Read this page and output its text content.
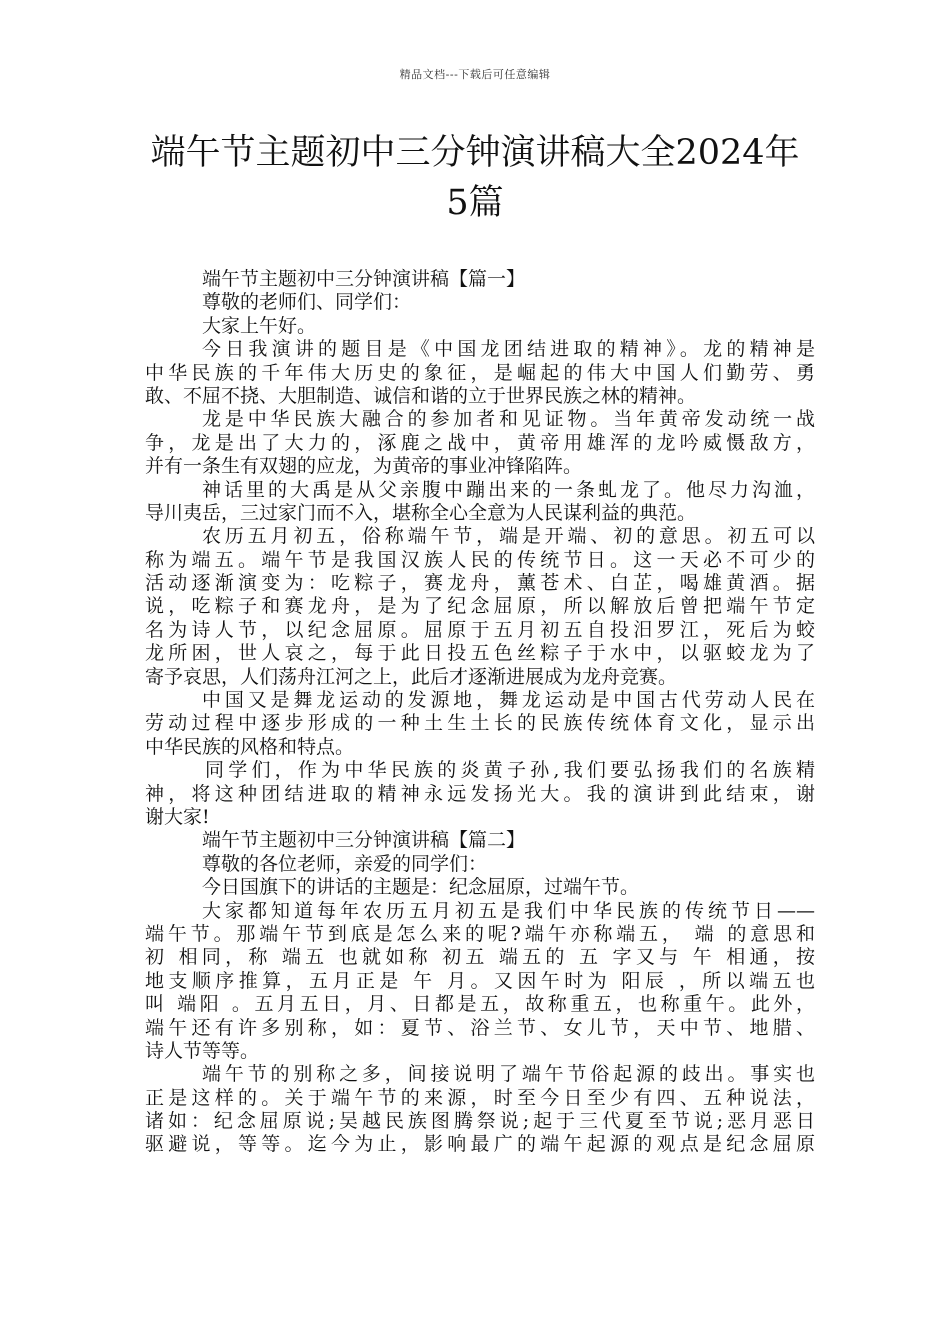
精品文档---下载后可任意编辑
端午节主题初中三分钟演讲稿大全2024年
5篇
端午节主题初中三分钟演讲稿【篇一】
尊敬的老师们、同学们：
大家上午好。
今日我演讲的题目是《中国龙团结进取的精神》。龙的精神是
中华民族的千年伟大历史的象征，是崛起的伟大中国人们勤劳、勇
敢、不屈不挠、大胆制造、诚信和谐的立于世界民族之林的精神。
龙是中华民族大融合的参加者和见证物。当年黄帝发动统一战
争，龙是出了大力的，涿鹿之战中，黄帝用雄浑的龙吟威慑敌方，
并有一条生有双翅的应龙，为黄帝的事业冲锋陷阵。
神话里的大禹是从父亲腹中蹦出来的一条虬龙了。他尽力沟洫，
导川夷岳，三过家门而不入，堪称全心全意为人民谋利益的典范。
农历五月初五，俗称端午节，端是开端、初的意思。初五可以
称为端五。端午节是我国汉族人民的传统节日。这一天必不可少的
活动逐渐演变为：吃粽子，赛龙舟，薰苍术、白芷，喝雄黄酒。据
说，吃粽子和赛龙舟，是为了纪念屈原，所以解放后曾把端午节定
名为诗人节，以纪念屈原。屈原于五月初五自投汨罗江，死后为蛟
龙所困，世人哀之，每于此日投五色丝粽子于水中，以驱蛟龙为了
寄予哀思，人们荡舟江河之上，此后才逐渐进展成为龙舟竞赛。
中国又是舞龙运动的发源地，舞龙运动是中国古代劳动人民在
劳动过程中逐步形成的一种土生土长的民族传统体育文化，显示出
中华民族的风格和特点。
同学们，作为中华民族的炎黄子孙,我们要弘扬我们的名族精
神，将这种团结进取的精神永远发扬光大。我的演讲到此结束，谢
谢大家!
端午节主题初中三分钟演讲稿【篇二】
尊敬的各位老师，亲爱的同学们：
今日国旗下的讲话的主题是：纪念屈原，过端午节。
大家都知道每年农历五月初五是我们中华民族的传统节日——
端午节。那端午节到底是怎么来的呢?端午亦称端五， 端 的意思和
初 相同，称 端五 也就如称 初五 端五的 五 字又与 午 相通，按
地支顺序推算，五月正是 午 月。又因午时为 阳辰 ，所以端五也
叫 端阳 。五月五日，月、日都是五，故称重五，也称重午。此外，
端午还有许多别称，如：夏节、浴兰节、女儿节，天中节、地腊、
诗人节等等。
端午节的别称之多，间接说明了端午节俗起源的歧出。事实也
正是这样的。关于端午节的来源，时至今日至少有四、五种说法，
诸如：纪念屈原说;吴越民族图腾祭说;起于三代夏至节说;恶月恶日
驱避说，等等。迄今为止，影响最广的端午起源的观点是纪念屈原
